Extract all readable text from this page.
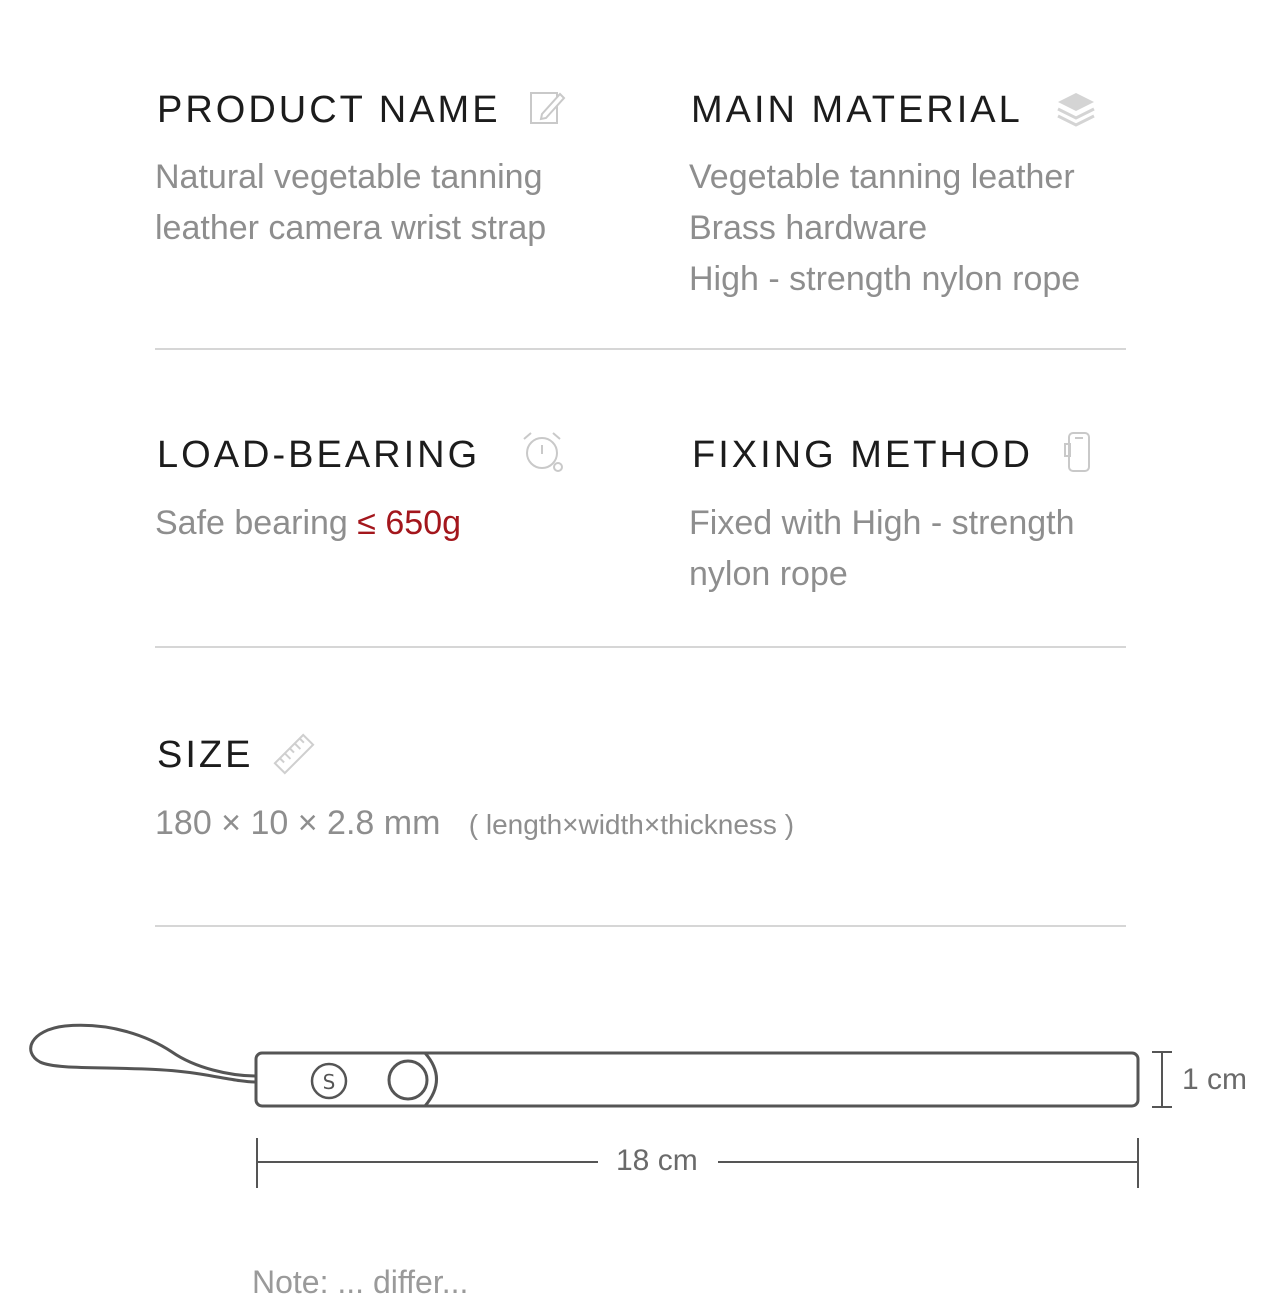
PRODUCT NAME
Natural vegetable tanning
leather camera wrist strap
MAIN MATERIAL
Vegetable tanning leather
Brass hardware
High - strength nylon rope
LOAD-BEARING
Safe bearing ≤ 650g
FIXING METHOD
Fixed with High - strength
nylon rope
SIZE
180 × 10 × 2.8 mm ( length×width×thickness )
S	1 cm
18 cm
Note: ... differ...
